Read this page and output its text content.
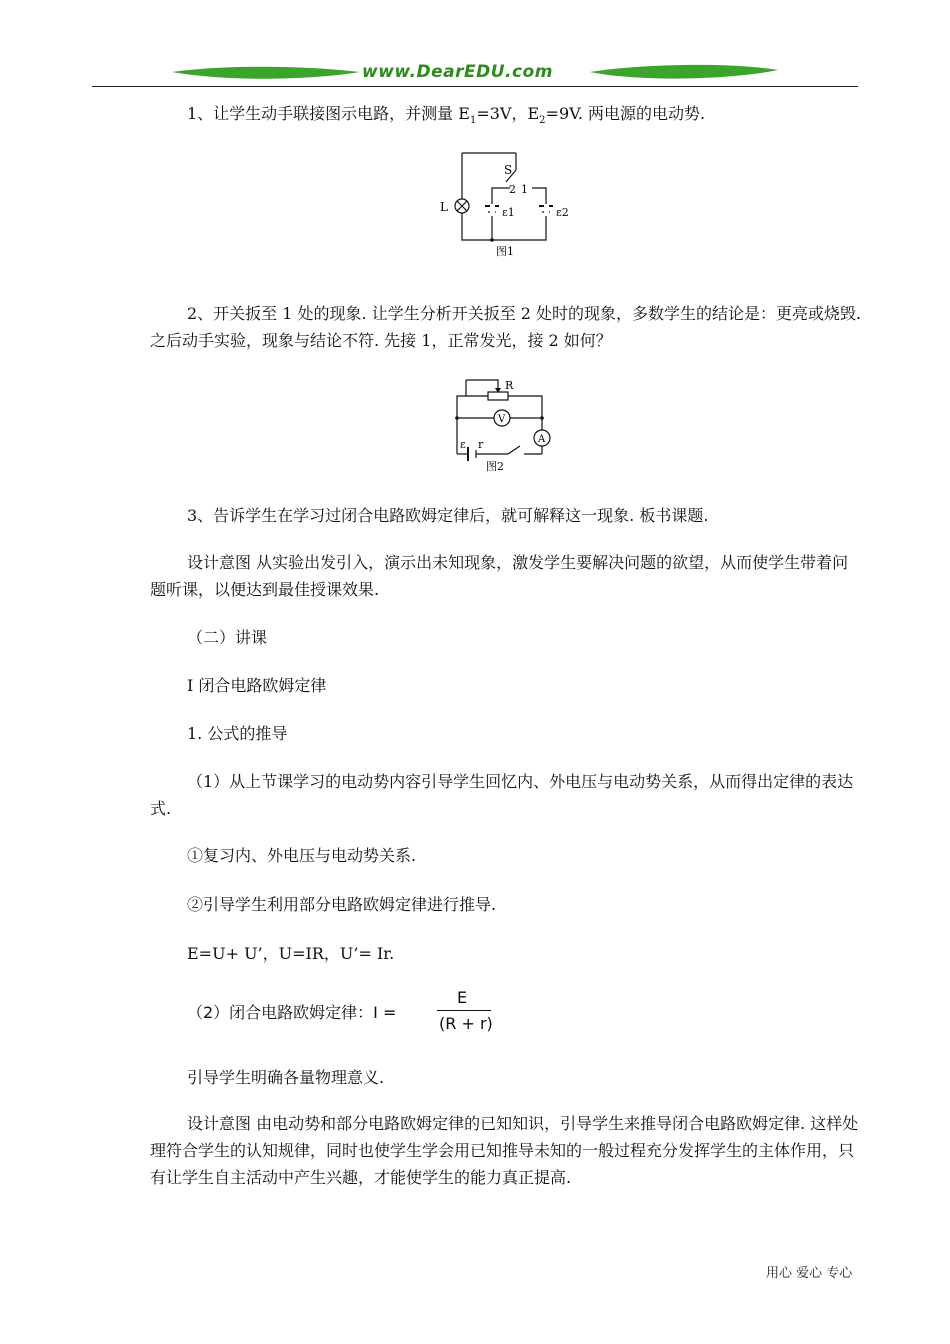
www.DearEDU.com
1、让学生动手联接图示电路，并测量 $E_1=3V$，$E_2=9V$. 两电源的电动势.
L
S
2 1
ε1	ε2
图1
2、开关扳至 1 处的现象. 让学生分析开关扳至 2 处时的现象，多数学生的结论是：更亮或烧毁. 之后动手实验，现象与结论不符. 先接 1，正常发光，接 2 如何？
R
V
A
ε r
图2
3、告诉学生在学习过闭合电路欧姆定律后，就可解释这一现象. 板书课题.
设计意图 从实验出发引入，演示出未知现象，激发学生要解决问题的欲望，从而使学生带着问题听课，以便达到最佳授课效果.
（二）讲课
I 闭合电路欧姆定律
1. 公式的推导
（1）从上节课学习的电动势内容引导学生回忆内、外电压与电动势关系，从而得出定律的表达式.
①复习内、外电压与电动势关系.
②引导学生利用部分电路欧姆定律进行推导.
E=U+ U’，U=IR，U’= Ir.
（2）闭合电路欧姆定律：I =
E
(R + r)
引导学生明确各量物理意义.
设计意图 由电动势和部分电路欧姆定律的已知知识，引导学生来推导闭合电路欧姆定律. 这样处理符合学生的认知规律，同时也使学生学会用已知推导未知的一般过程充分发挥学生的主体作用，只有让学生自主活动中产生兴趣，才能使学生的能力真正提高.
用心 爱心 专心
